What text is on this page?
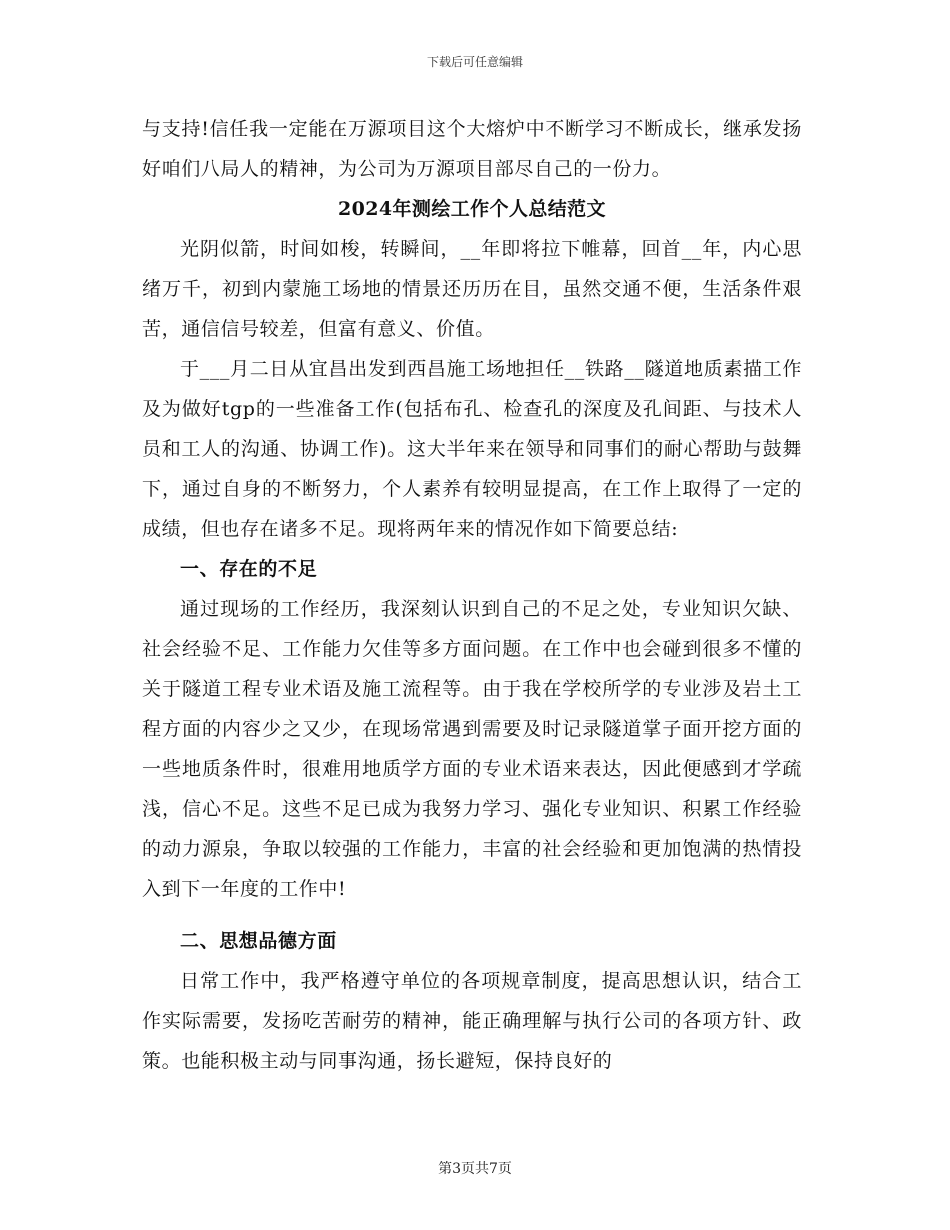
下载后可任意编辑

与支持!信任我一定能在万源项目这个大熔炉中不断学习不断成长，继承发扬好咱们八局人的精神，为公司为万源项目部尽自己的一份力。

2024年测绘工作个人总结范文

光阴似箭，时间如梭，转瞬间，__年即将拉下帷幕，回首__年，内心思绪万千，初到内蒙施工场地的情景还历历在目，虽然交通不便，生活条件艰苦，通信信号较差，但富有意义、价值。

于___月二日从宜昌出发到西昌施工场地担任__铁路__隧道地质素描工作及为做好tgp的一些准备工作(包括布孔、检查孔的深度及孔间距、与技术人员和工人的沟通、协调工作)。这大半年来在领导和同事们的耐心帮助与鼓舞下，通过自身的不断努力，个人素养有较明显提高，在工作上取得了一定的成绩，但也存在诸多不足。现将两年来的情况作如下简要总结:

一、存在的不足

通过现场的工作经历，我深刻认识到自己的不足之处，专业知识欠缺、社会经验不足、工作能力欠佳等多方面问题。在工作中也会碰到很多不懂的关于隧道工程专业术语及施工流程等。由于我在学校所学的专业涉及岩土工程方面的内容少之又少，在现场常遇到需要及时记录隧道掌子面开挖方面的一些地质条件时，很难用地质学方面的专业术语来表达，因此便感到才学疏浅，信心不足。这些不足已成为我努力学习、强化专业知识、积累工作经验的动力源泉，争取以较强的工作能力，丰富的社会经验和更加饱满的热情投入到下一年度的工作中!

二、思想品德方面

日常工作中，我严格遵守单位的各项规章制度，提高思想认识，结合工作实际需要，发扬吃苦耐劳的精神，能正确理解与执行公司的各项方针、政策。也能积极主动与同事沟通，扬长避短，保持良好的

第3页共7页
